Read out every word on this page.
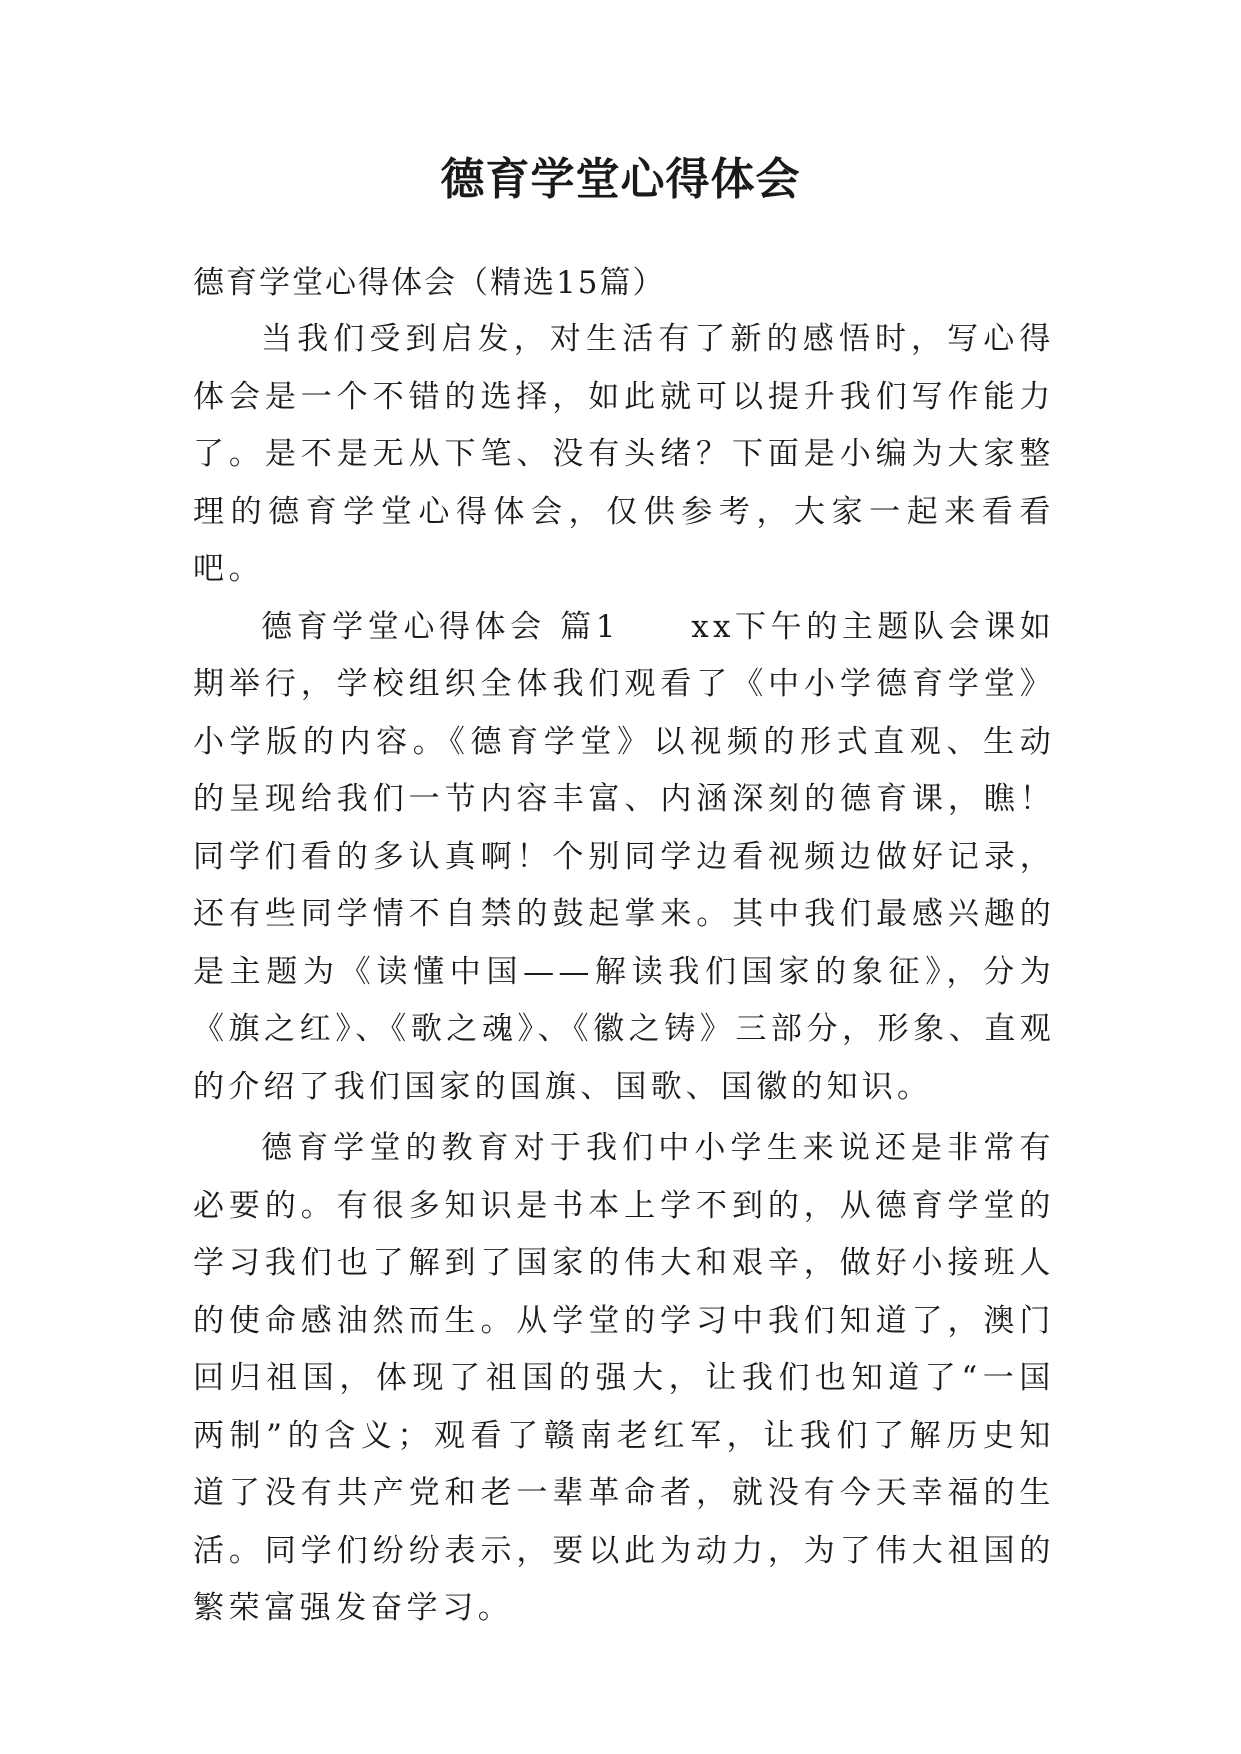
德育学堂心得体会

德育学堂心得体会（精选15篇）

当我们受到启发，对生活有了新的感悟时，写心得体会是一个不错的选择，如此就可以提升我们写作能力了。是不是无从下笔、没有头绪？下面是小编为大家整理的德育学堂心得体会，仅供参考，大家一起来看看吧。

德育学堂心得体会 篇1　　xx下午的主题队会课如期举行，学校组织全体我们观看了《中小学德育学堂》小学版的内容。《德育学堂》以视频的形式直观、生动的呈现给我们一节内容丰富、内涵深刻的德育课，瞧！同学们看的多认真啊！个别同学边看视频边做好记录，还有些同学情不自禁的鼓起掌来。其中我们最感兴趣的是主题为《读懂中国——解读我们国家的象征》，分为《旗之红》、《歌之魂》、《徽之铸》三部分，形象、直观的介绍了我们国家的国旗、国歌、国徽的知识。

德育学堂的教育对于我们中小学生来说还是非常有必要的。有很多知识是书本上学不到的，从德育学堂的学习我们也了解到了国家的伟大和艰辛，做好小接班人的使命感油然而生。从学堂的学习中我们知道了，澳门回归祖国，体现了祖国的强大，让我们也知道了“一国两制”的含义；观看了赣南老红军，让我们了解历史知道了没有共产党和老一辈革命者，就没有今天幸福的生活。同学们纷纷表示，要以此为动力，为了伟大祖国的繁荣富强发奋学习。
